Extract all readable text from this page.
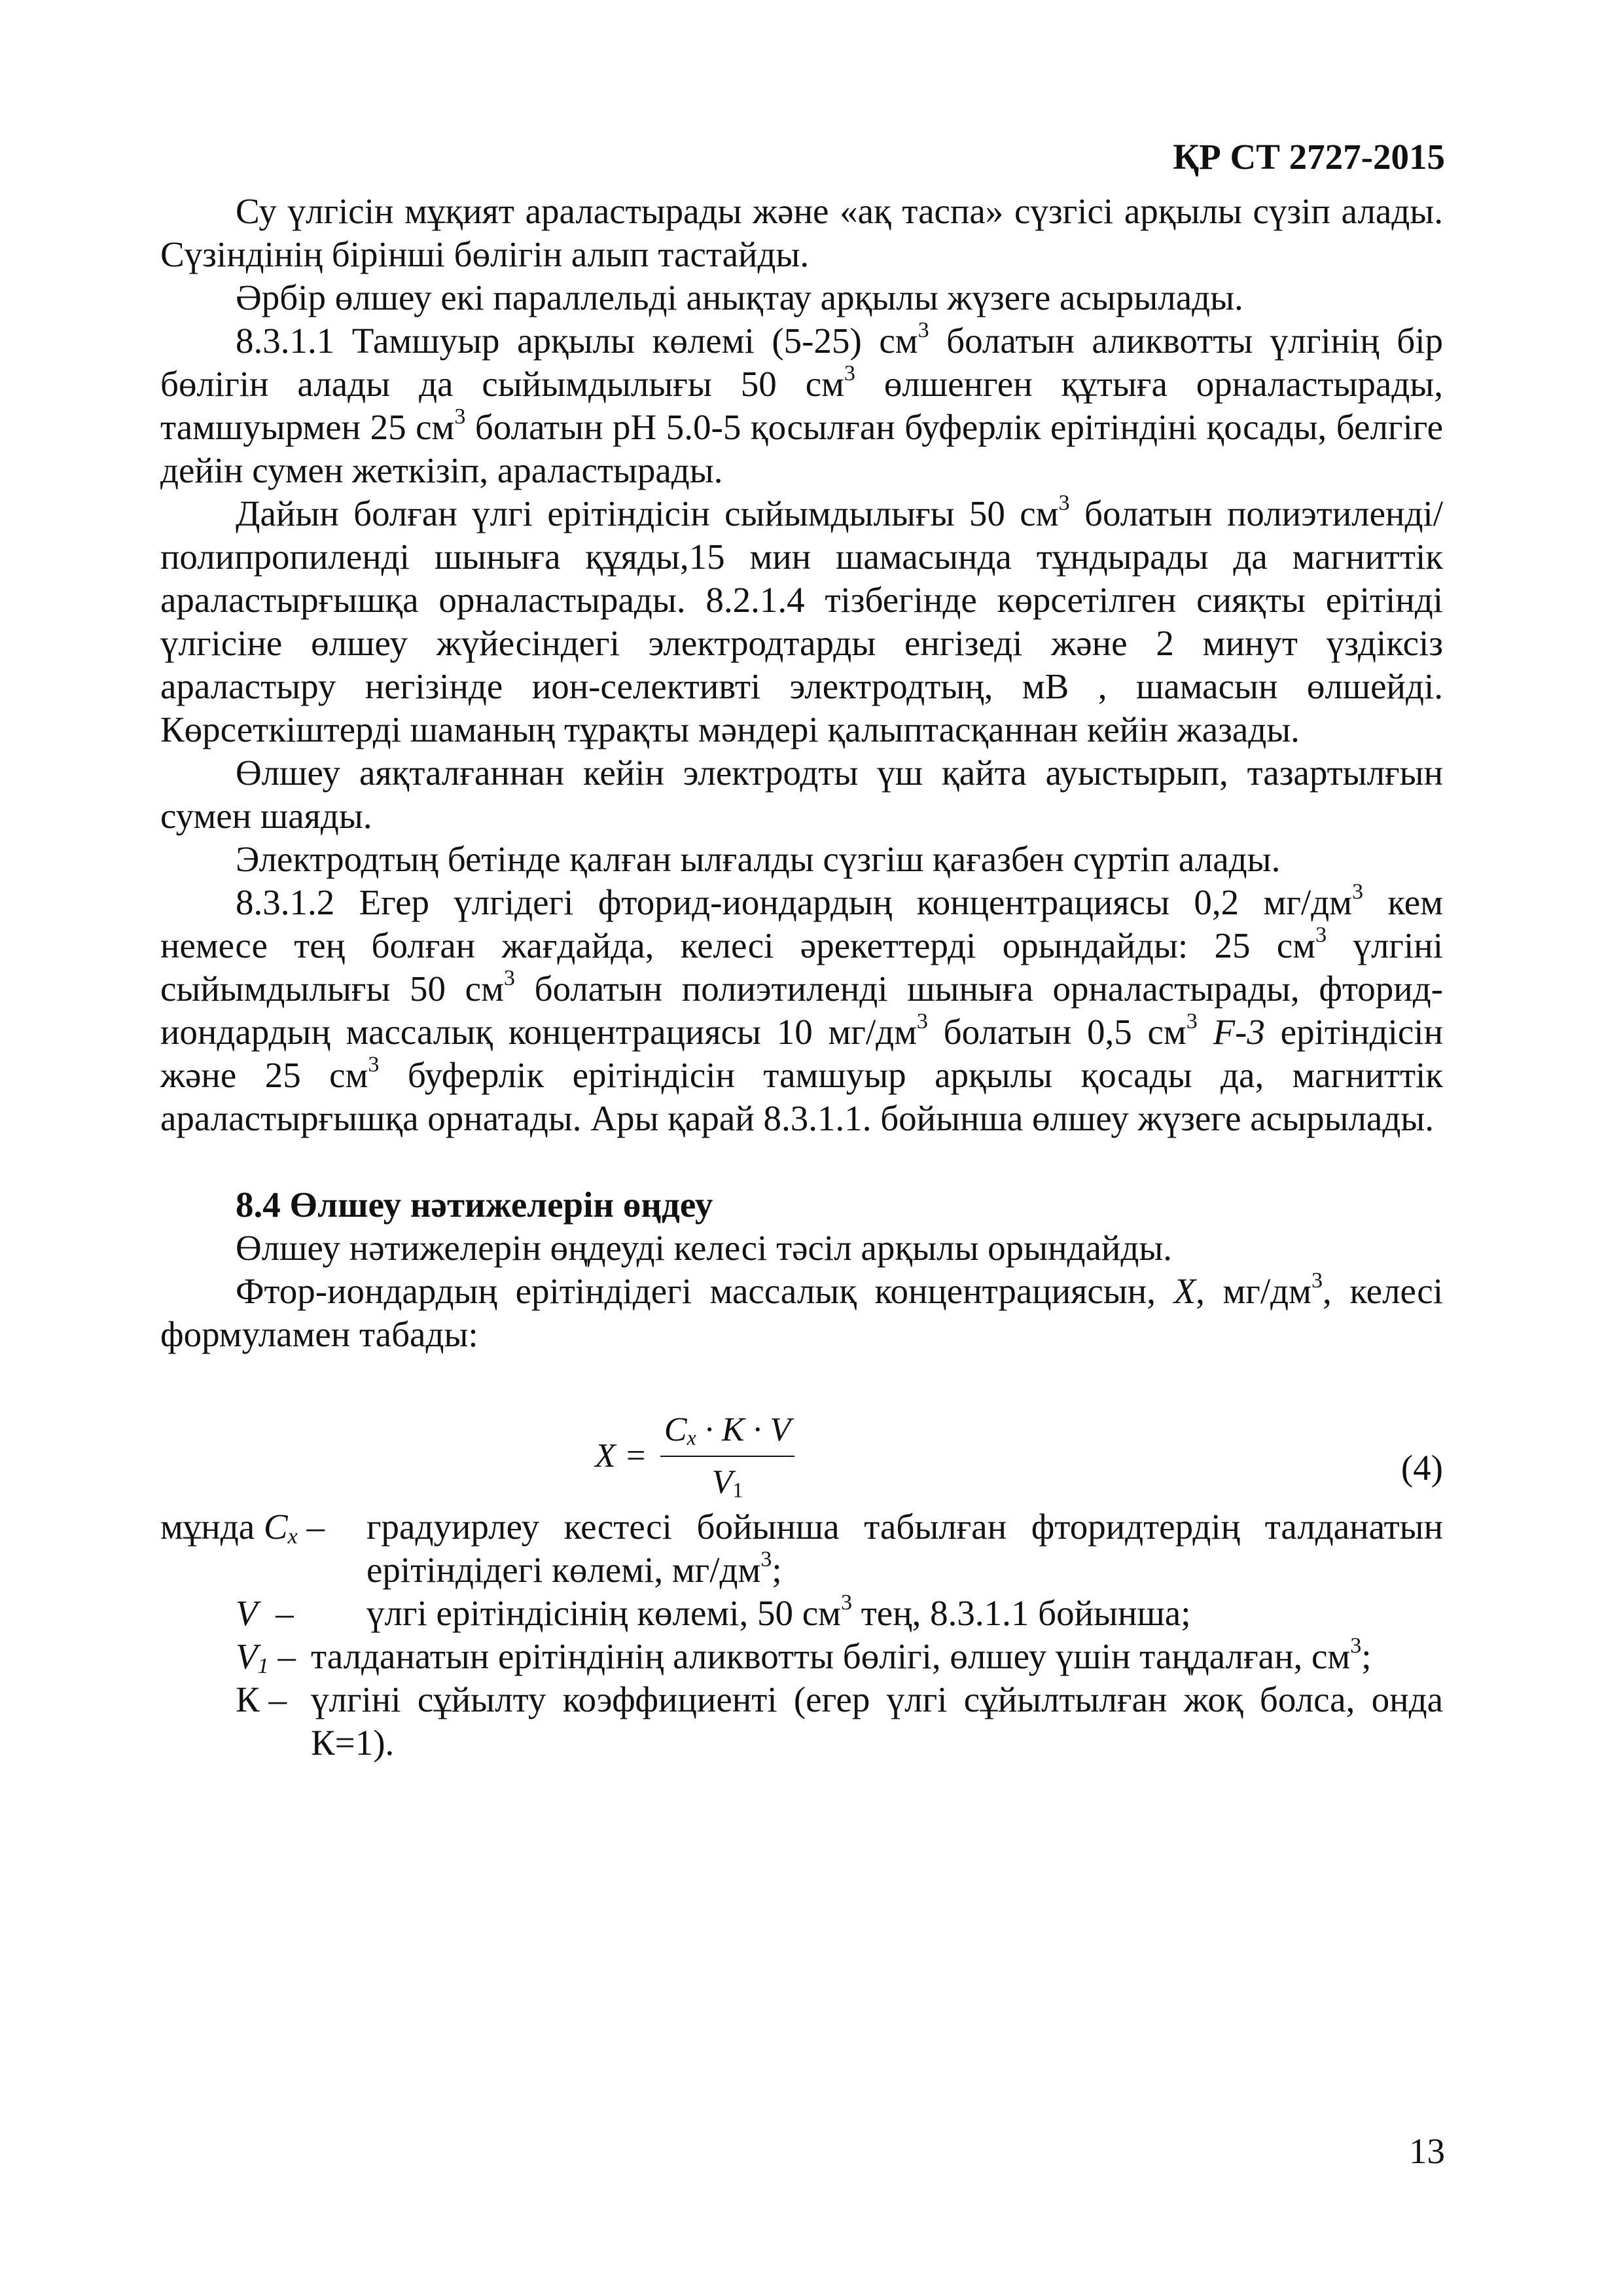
ҚР СТ 2727-2015

Су үлгісін мұқият араластырады және «ақ таспа» сүзгісі арқылы сүзіп алады. Сүзіндінің бірінші бөлігін алып тастайды.

Әрбір өлшеу екі параллельді анықтау арқылы жүзеге асырылады.

8.3.1.1 Тамшуыр арқылы көлемі (5-25) $см^3$ болатын аликвотты үлгінің бір бөлігін алады да сыйымдылығы 50 $см^3$ өлшенген құтыға орналастырады, тамшуырмен 25 $см^3$ болатын pH 5.0-5 қосылған буферлік ерітіндіні қосады, белгіге дейін сумен жеткізіп, араластырады.

Дайын болған үлгі ерітіндісін сыйымдылығы 50 $см^3$ болатын полиэтиленді/ полипропиленді шыныға құяды,15 мин шамасында тұндырады да магниттік араластырғышқа орналастырады. 8.2.1.4 тізбегінде көрсетілген сияқты ерітінді үлгісіне өлшеу жүйесіндегі электродтарды енгізеді және 2 минут үздіксіз араластыру негізінде ион-селективті электродтың, мВ , шамасын өлшейді. Көрсеткіштерді шаманың тұрақты мәндері қалыптасқаннан кейін жазады.

Өлшеу аяқталғаннан кейін электродты үш қайта ауыстырып, тазартылғын сумен шаяды.

Электродтың бетінде қалған ылғалды сүзгіш қағазбен сүртіп алады.

8.3.1.2 Егер үлгідегі фторид-иондардың концентрациясы 0,2 $мг/дм^3$ кем немесе тең болған жағдайда, келесі әрекеттерді орындайды: 25 $см^3$ үлгіні сыйымдылығы 50 $см^3$ болатын полиэтиленді шыныға орналастырады, фторид-иондардың массалық концентрациясы 10 $мг/дм^3$ болатын 0,5 $см^3$ F-3 ерітіндісін және 25 $см^3$ буферлік ерітіндісін тамшуыр арқылы қосады да, магниттік араластырғышқа орнатады. Ары қарай 8.3.1.1. бойынша өлшеу жүзеге асырылады.

8.4 Өлшеу нәтижелерін өңдеу

Өлшеу нәтижелерін өңдеуді келесі тәсіл арқылы орындайды.

Фтор-иондардың ерітіндідегі массалық концентрациясын, X, $мг/дм^3$, келесі формуламен табады:

$X = \frac{C_x \cdot K \cdot V}{V_1}$	(4)
мұнда $C_x$ –	градуирлеу кестесі бойынша табылған фторидтердің талданатын ерітіндідегі көлемі, $мг/дм^3$;
V –	үлгі ерітіндісінің көлемі, 50 $см^3$ тең, 8.3.1.1 бойынша;
$V_1$ – талданатын ерітіндінің аликвотты бөлігі, өлшеу үшін таңдалған, $см^3$;
К – үлгіні сұйылту коэффициенті (егер үлгі сұйылтылған жоқ болса, онда К=1).
13
